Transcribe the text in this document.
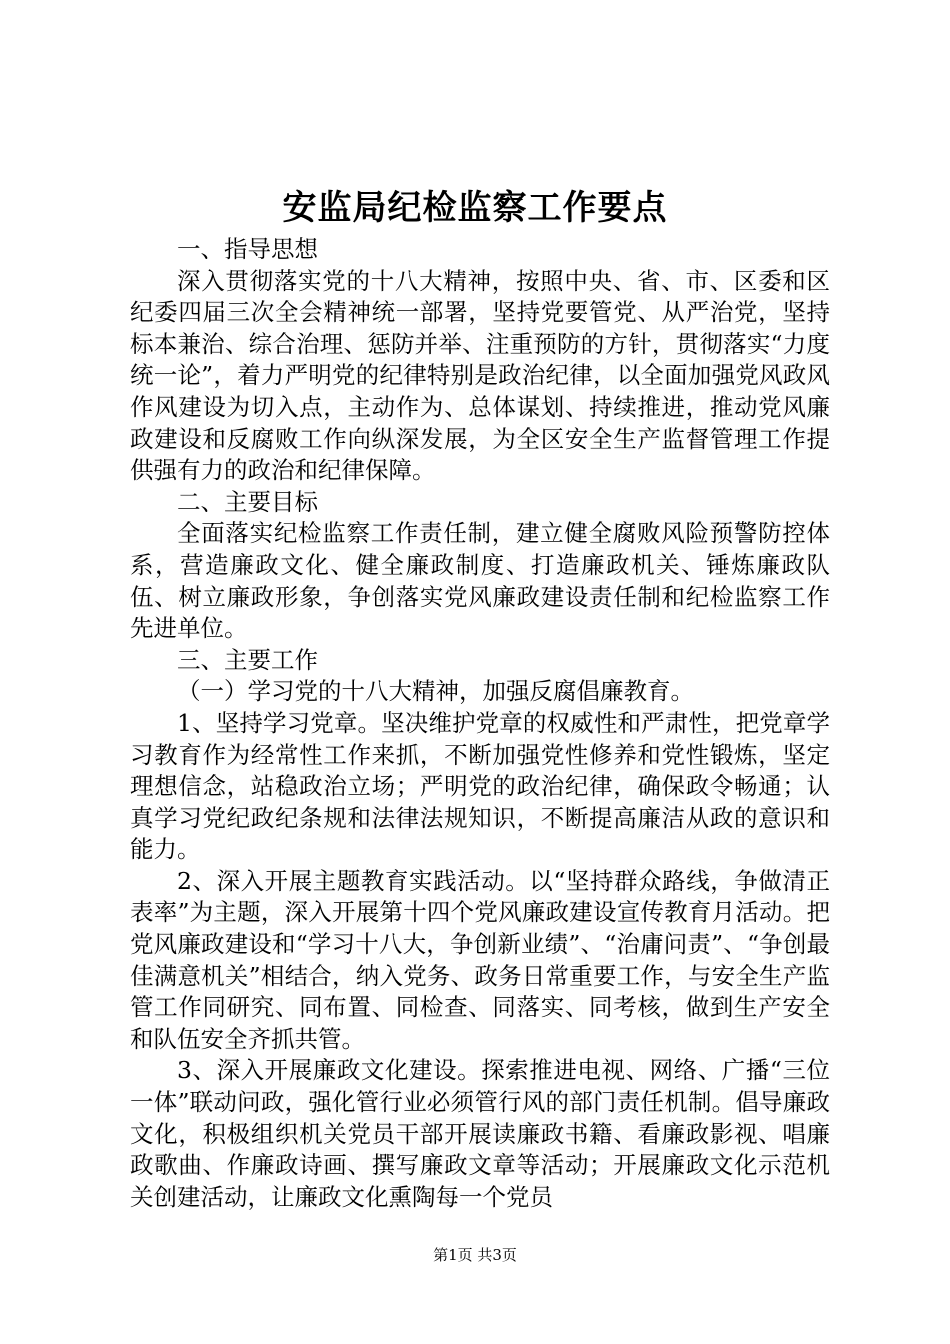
安监局纪检监察工作要点

一、指导思想

深入贯彻落实党的十八大精神，按照中央、省、市、区委和区纪委四届三次全会精神统一部署，坚持党要管党、从严治党，坚持标本兼治、综合治理、惩防并举、注重预防的方针，贯彻落实“力度统一论”，着力严明党的纪律特别是政治纪律，以全面加强党风政风作风建设为切入点，主动作为、总体谋划、持续推进，推动党风廉政建设和反腐败工作向纵深发展，为全区安全生产监督管理工作提供强有力的政治和纪律保障。

二、主要目标

全面落实纪检监察工作责任制，建立健全腐败风险预警防控体系，营造廉政文化、健全廉政制度、打造廉政机关、锤炼廉政队伍、树立廉政形象，争创落实党风廉政建设责任制和纪检监察工作先进单位。

三、主要工作

（一）学习党的十八大精神，加强反腐倡廉教育。

1、坚持学习党章。坚决维护党章的权威性和严肃性，把党章学习教育作为经常性工作来抓，不断加强党性修养和党性锻炼，坚定理想信念，站稳政治立场；严明党的政治纪律，确保政令畅通；认真学习党纪政纪条规和法律法规知识，不断提高廉洁从政的意识和能力。

2、深入开展主题教育实践活动。以“坚持群众路线，争做清正表率”为主题，深入开展第十四个党风廉政建设宣传教育月活动。把党风廉政建设和“学习十八大，争创新业绩”、“治庸问责”、“争创最佳满意机关”相结合，纳入党务、政务日常重要工作，与安全生产监管工作同研究、同布置、同检查、同落实、同考核，做到生产安全和队伍安全齐抓共管。

3、深入开展廉政文化建设。探索推进电视、网络、广播“三位一体”联动问政，强化管行业必须管行风的部门责任机制。倡导廉政文化，积极组织机关党员干部开展读廉政书籍、看廉政影视、唱廉政歌曲、作廉政诗画、撰写廉政文章等活动；开展廉政文化示范机关创建活动，让廉政文化熏陶每一个党员

第1页 共3页
